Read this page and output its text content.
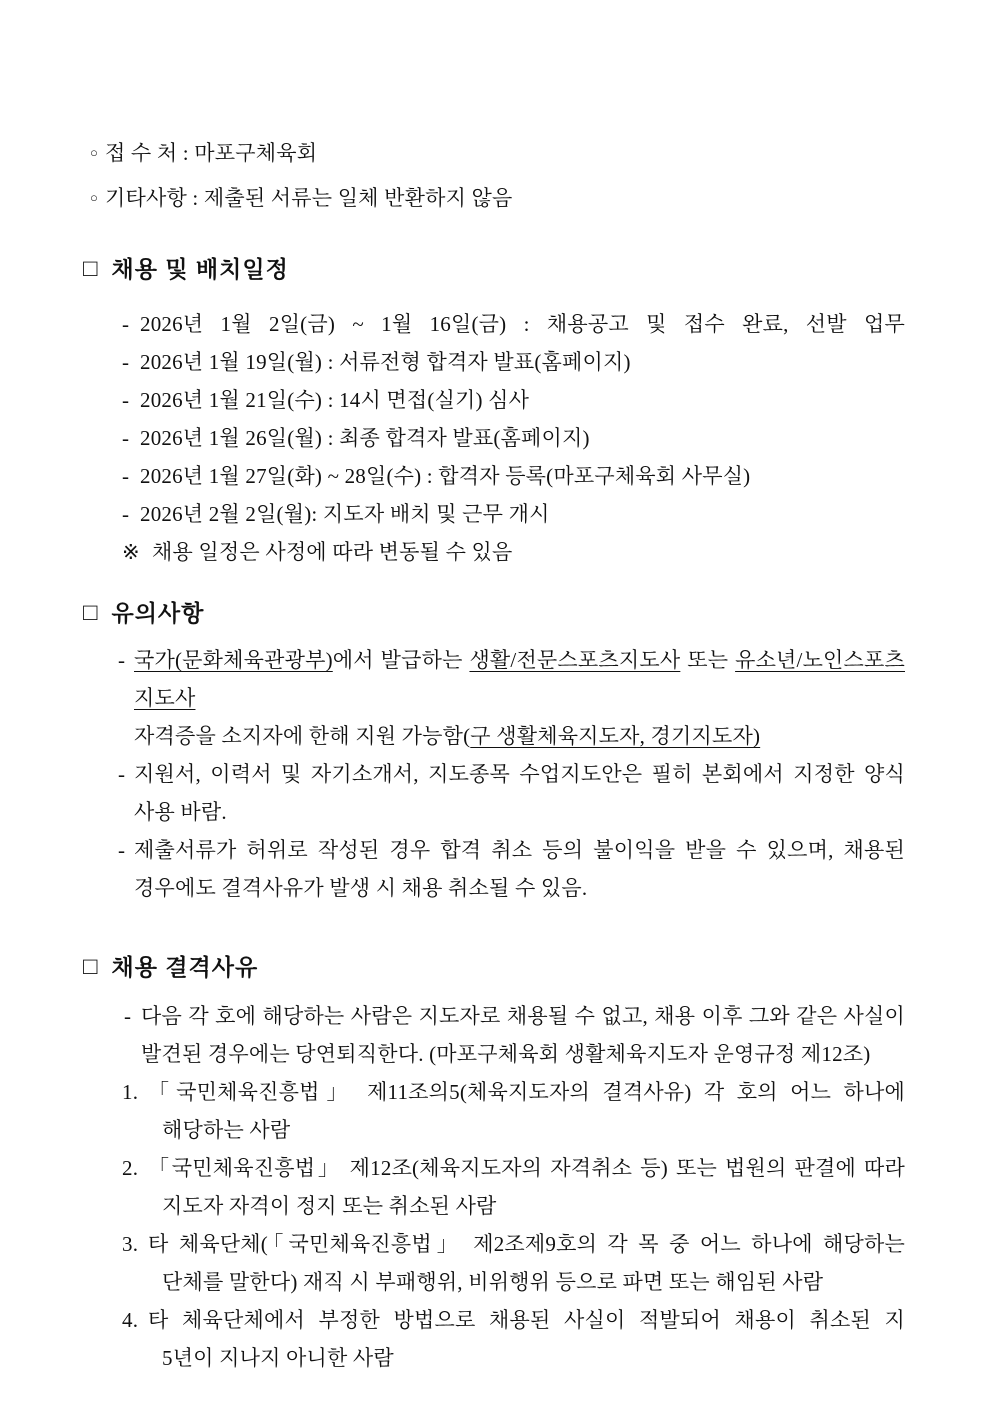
○ 접 수 처 : 마포구체육회
○ 기타사항 : 제출된 서류는 일체 반환하지 않음
□ 채용 및 배치일정
- 2026년 1월 2일(금) ~ 1월 16일(금) : 채용공고 및 접수 완료, 선발 업무
- 2026년 1월 19일(월) : 서류전형 합격자 발표(홈페이지)
- 2026년 1월 21일(수) : 14시 면접(실기) 심사
- 2026년 1월 26일(월) : 최종 합격자 발표(홈페이지)
- 2026년 1월 27일(화) ~ 28일(수) : 합격자 등록(마포구체육회 사무실)
- 2026년 2월 2일(월): 지도자 배치 및 근무 개시
※ 채용 일정은 사정에 따라 변동될 수 있음
□ 유의사항
- 국가(문화체육관광부)에서 발급하는 생활/전문스포츠지도사 또는 유소년/노인스포츠지도사
자격증을 소지자에 한해 지원 가능함(구 생활체육지도자, 경기지도자)
- 지원서, 이력서 및 자기소개서, 지도종목 수업지도안은 필히 본회에서 지정한 양식
사용 바람.
- 제출서류가 허위로 작성된 경우 합격 취소 등의 불이익을 받을 수 있으며, 채용된
경우에도 결격사유가 발생 시 채용 취소될 수 있음.
□ 채용 결격사유
- 다음 각 호에 해당하는 사람은 지도자로 채용될 수 없고, 채용 이후 그와 같은 사실이
발견된 경우에는 당연퇴직한다. (마포구체육회 생활체육지도자 운영규정 제12조)
1. 「국민체육진흥법」 제11조의5(체육지도자의 결격사유) 각 호의 어느 하나에
해당하는 사람
2. 「국민체육진흥법」 제12조(체육지도자의 자격취소 등) 또는 법원의 판결에 따라
지도자 자격이 정지 또는 취소된 사람
3. 타 체육단체(「국민체육진흥법」 제2조제9호의 각 목 중 어느 하나에 해당하는
단체를 말한다) 재직 시 부패행위, 비위행위 등으로 파면 또는 해임된 사람
4. 타 체육단체에서 부정한 방법으로 채용된 사실이 적발되어 채용이 취소된 지
5년이 지나지 아니한 사람
